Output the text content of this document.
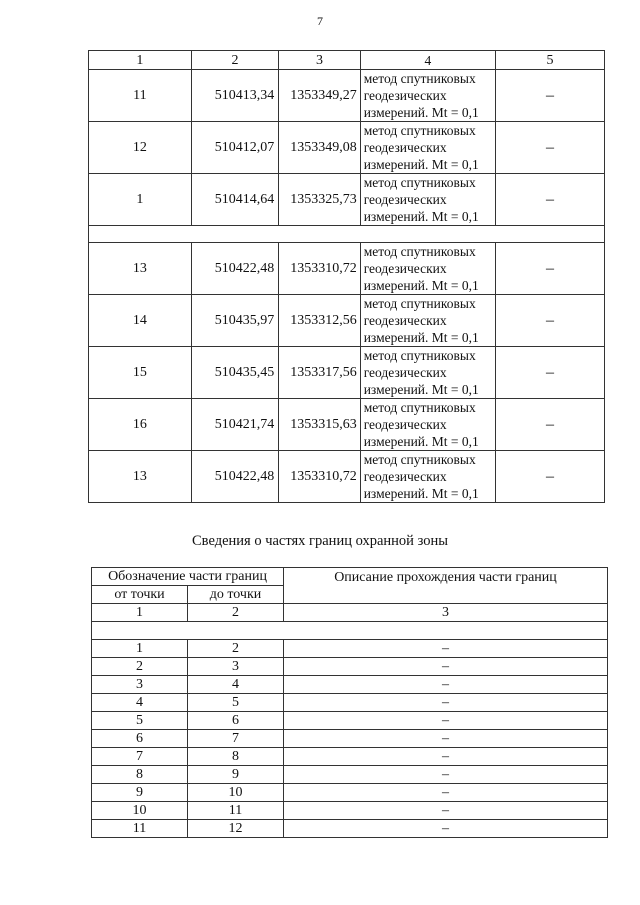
7
1	2	3	4	5
11	510413,34	1353349,27	метод спутниковых
геодезических
измерений. Mt = 0,1	–
12	510412,07	1353349,08	метод спутниковых
геодезических
измерений. Mt = 0,1	–
1	510414,64	1353325,73	метод спутниковых
геодезических
измерений. Mt = 0,1	–

13	510422,48	1353310,72	метод спутниковых
геодезических
измерений. Mt = 0,1	–
14	510435,97	1353312,56	метод спутниковых
геодезических
измерений. Mt = 0,1	–
15	510435,45	1353317,56	метод спутниковых
геодезических
измерений. Mt = 0,1	–
16	510421,74	1353315,63	метод спутниковых
геодезических
измерений. Mt = 0,1	–
13	510422,48	1353310,72	метод спутниковых
геодезических
измерений. Mt = 0,1	–
Сведения о частях границ охранной зоны
Обозначение части границ		Описание прохождения части границ
от точки	до точки	
1	2	3

1	2	–
2	3	–
3	4	–
4	5	–
5	6	–
6	7	–
7	8	–
8	9	–
9	10	–
10	11	–
11	12	–
